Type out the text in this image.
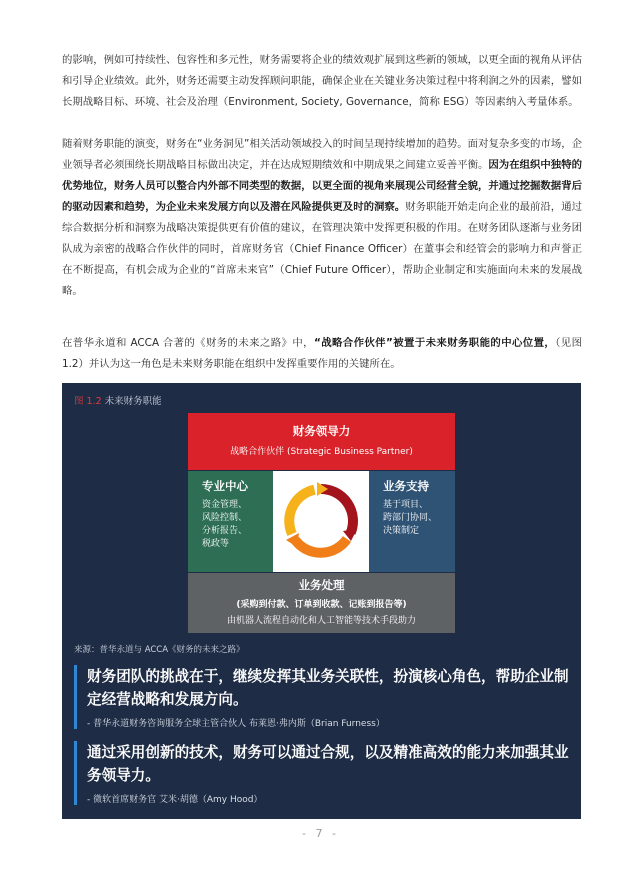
的影响，例如可持续性、包容性和多元性，财务需要将企业的绩效观扩展到这些新的领域，以更全面的视角从评估和引导企业绩效。此外，财务还需要主动发挥顾问职能，确保企业在关键业务决策过程中将利润之外的因素，譬如长期战略目标、环境、社会及治理（Environment, Society, Governance，简称 ESG）等因素纳入考量体系。

随着财务职能的演变，财务在“业务洞见”相关活动领域投入的时间呈现持续增加的趋势。面对复杂多变的市场，企业领导者必须围绕长期战略目标做出决定，并在达成短期绩效和中期成果之间建立妥善平衡。因为在组织中独特的优势地位，财务人员可以整合内外部不同类型的数据，以更全面的视角来展现公司经营全貌，并通过挖掘数据背后的驱动因素和趋势，为企业未来发展方向以及潜在风险提供更及时的洞察。财务职能开始走向企业的最前沿，通过综合数据分析和洞察为战略决策提供更有价值的建议，在管理决策中发挥更积极的作用。在财务团队逐渐与业务团队成为亲密的战略合作伙伴的同时，首席财务官（Chief Finance Officer）在董事会和经管会的影响力和声誉正在不断提高，有机会成为企业的“首席未来官”（Chief Future Officer），帮助企业制定和实施面向未来的发展战略。

在普华永道和 ACCA 合著的《财务的未来之路》中，“战略合作伙伴”被置于未来财务职能的中心位置，（见图 1.2）并认为这一角色是未来财务职能在组织中发挥重要作用的关键所在。

图 1.2 未来财务职能
财务领导力
战略合作伙伴 (Strategic Business Partner)
专业中心
资金管理、
风险控制、
分析报告、
税政等
业务支持
基于项目、
跨部门协同、
决策制定
业务处理
(采购到付款、订单到收款、记账到报告等)
由机器人流程自动化和人工智能等技术手段助力
来源：普华永道与 ACCA《财务的未来之路》
财务团队的挑战在于，继续发挥其业务关联性，扮演核心角色，帮助企业制定经营战略和发展方向。
- 普华永道财务咨询服务全球主管合伙人 布莱恩·弗内斯（Brian Furness）
通过采用创新的技术，财务可以通过合规，以及精准高效的能力来加强其业务领导力。
- 微软首席财务官 艾米·胡德（Amy Hood）
- 7 -
